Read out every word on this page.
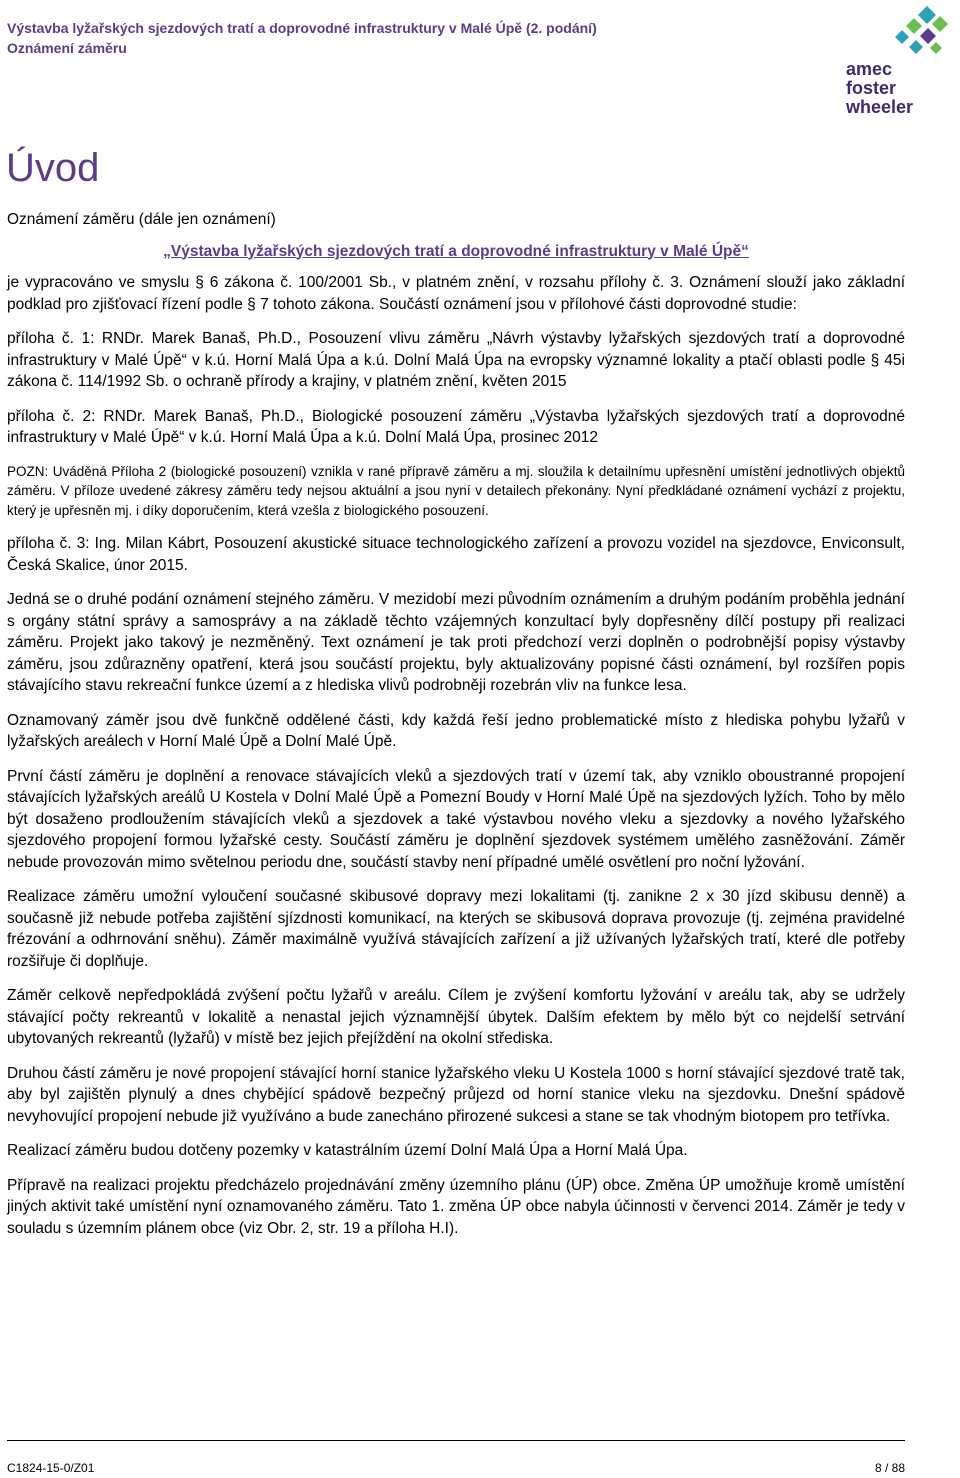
Výstavba lyžařských sjezdových tratí a doprovodné infrastruktury v Malé Úpě (2. podání)
Oznámení záměru
amec
foster
wheeler
Úvod

Oznámení záměru (dále jen oznámení)

„Výstavba lyžařských sjezdových tratí a doprovodné infrastruktury v Malé Úpě“

je vypracováno ve smyslu § 6 zákona č. 100/2001 Sb., v platném znění, v rozsahu přílohy č. 3. Oznámení slouží jako základní podklad pro zjišťovací řízení podle § 7 tohoto zákona. Součástí oznámení jsou v přílohové části doprovodné studie:

příloha č. 1: RNDr. Marek Banaš, Ph.D., Posouzení vlivu záměru „Návrh výstavby lyžařských sjezdových tratí a doprovodné infrastruktury v Malé Úpě“ v k.ú. Horní Malá Úpa a k.ú. Dolní Malá Úpa na evropsky významné lokality a ptačí oblasti podle § 45i zákona č. 114/1992 Sb. o ochraně přírody a krajiny, v platném znění, květen 2015

příloha č. 2: RNDr. Marek Banaš, Ph.D., Biologické posouzení záměru „Výstavba lyžařských sjezdových tratí a doprovodné infrastruktury v Malé Úpě“ v k.ú. Horní Malá Úpa a k.ú. Dolní Malá Úpa, prosinec 2012

POZN: Uváděná Příloha 2 (biologické posouzení) vznikla v rané přípravě záměru a mj. sloužila k detailnímu upřesnění umístění jednotlivých objektů záměru. V příloze uvedené zákresy záměru tedy nejsou aktuální a jsou nyní v detailech překonány. Nyní předkládané oznámení vychází z projektu, který je upřesněn mj. i díky doporučením, která vzešla z biologického posouzení.

příloha č. 3: Ing. Milan Kábrt, Posouzení akustické situace technologického zařízení a provozu vozidel na sjezdovce, Enviconsult, Česká Skalice, únor 2015.

Jedná se o druhé podání oznámení stejného záměru. V mezidobí mezi původním oznámením a druhým podáním proběhla jednání s orgány státní správy a samosprávy a na základě těchto vzájemných konzultací byly dopřesněny dílčí postupy při realizaci záměru. Projekt jako takový je nezměněný. Text oznámení je tak proti předchozí verzi doplněn o podrobnější popisy výstavby záměru, jsou zdůrazněny opatření, která jsou součástí projektu, byly aktualizovány popisné části oznámení, byl rozšířen popis stávajícího stavu rekreační funkce území a z hlediska vlivů podrobněji rozebrán vliv na funkce lesa.

Oznamovaný záměr jsou dvě funkčně oddělené části, kdy každá řeší jedno problematické místo z hlediska pohybu lyžařů v lyžařských areálech v Horní Malé Úpě a Dolní Malé Úpě.

První částí záměru je doplnění a renovace stávajících vleků a sjezdových tratí v území tak, aby vzniklo oboustranné propojení stávajících lyžařských areálů U Kostela v Dolní Malé Úpě a Pomezní Boudy v Horní Malé Úpě na sjezdových lyžích. Toho by mělo být dosaženo prodloužením stávajících vleků a sjezdovek a také výstavbou nového vleku a sjezdovky a nového lyžařského sjezdového propojení formou lyžařské cesty. Součástí záměru je doplnění sjezdovek systémem umělého zasněžování. Záměr nebude provozován mimo světelnou periodu dne, součástí stavby není případné umělé osvětlení pro noční lyžování.

Realizace záměru umožní vyloučení současné skibusové dopravy mezi lokalitami (tj. zanikne 2 x 30 jízd skibusu denně) a současně již nebude potřeba zajištění sjízdnosti komunikací, na kterých se skibusová doprava provozuje (tj. zejména pravidelné frézování a odhrnování sněhu). Záměr maximálně využívá stávajících zařízení a již užívaných lyžařských tratí, které dle potřeby rozšiřuje či doplňuje.

Záměr celkově nepředpokládá zvýšení počtu lyžařů v areálu. Cílem je zvýšení komfortu lyžování v areálu tak, aby se udržely stávající počty rekreantů v lokalitě a nenastal jejich významnější úbytek. Dalším efektem by mělo být co nejdelší setrvání ubytovaných rekreantů (lyžařů) v místě bez jejich přejíždění na okolní střediska.

Druhou částí záměru je nové propojení stávající horní stanice lyžařského vleku U Kostela 1000 s horní stávající sjezdové tratě tak, aby byl zajištěn plynulý a dnes chybějící spádově bezpečný průjezd od horní stanice vleku na sjezdovku. Dnešní spádově nevyhovující propojení nebude již využíváno a bude zanecháno přirozené sukcesi a stane se tak vhodným biotopem pro tetřívka.

Realizací záměru budou dotčeny pozemky v katastrálním území Dolní Malá Úpa a Horní Malá Úpa.

Přípravě na realizaci projektu předcházelo projednávání změny územního plánu (ÚP) obce. Změna ÚP umožňuje kromě umístění jiných aktivit také umístění nyní oznamovaného záměru. Tato 1. změna ÚP obce nabyla účinnosti v červenci 2014. Záměr je tedy v souladu s územním plánem obce (viz Obr. 2, str. 19 a příloha H.I).

C1824-15-0/Z01	8 / 88
